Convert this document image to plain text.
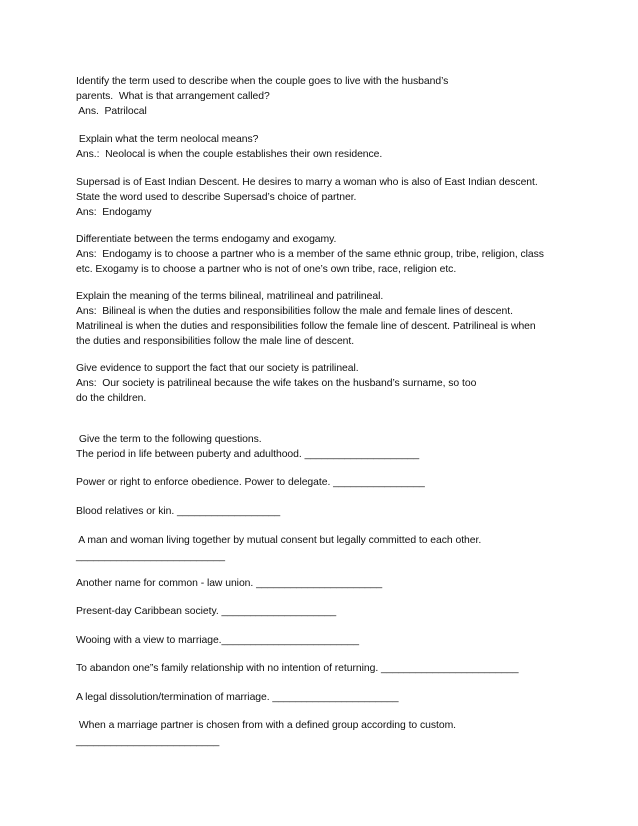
Identify the term used to describe when the couple goes to live with the husband’s
parents.  What is that arrangement called?
Ans.  Patrilocal
Explain what the term neolocal means?
Ans.:  Neolocal is when the couple establishes their own residence.
Supersad is of East Indian Descent. He desires to marry a woman who is also of East Indian descent.
State the word used to describe Supersad’s choice of partner.
Ans:  Endogamy
Differentiate between the terms endogamy and exogamy.
Ans:  Endogamy is to choose a partner who is a member of the same ethnic group, tribe, religion, class
etc. Exogamy is to choose a partner who is not of one’s own tribe, race, religion etc.
Explain the meaning of the terms bilineal, matrilineal and patrilineal.
Ans:  Bilineal is when the duties and responsibilities follow the male and female lines of descent.
Matrilineal is when the duties and responsibilities follow the female line of descent. Patrilineal is when
the duties and responsibilities follow the male line of descent.
Give evidence to support the fact that our society is patrilineal.
Ans:  Our society is patrilineal because the wife takes on the husband’s surname, so too
do the children.
Give the term to the following questions.
The period in life between puberty and adulthood. ____________________
Power or right to enforce obedience. Power to delegate. ________________
Blood relatives or kin. __________________
A man and woman living together by mutual consent but legally committed to each other.
__________________________
Another name for common - law union. ______________________
Present-day Caribbean society. ____________________
Wooing with a view to marriage.________________________
To abandon one”s family relationship with no intention of returning. ________________________
A legal dissolution/termination of marriage. ______________________
When a marriage partner is chosen from with a defined group according to custom.
_________________________
